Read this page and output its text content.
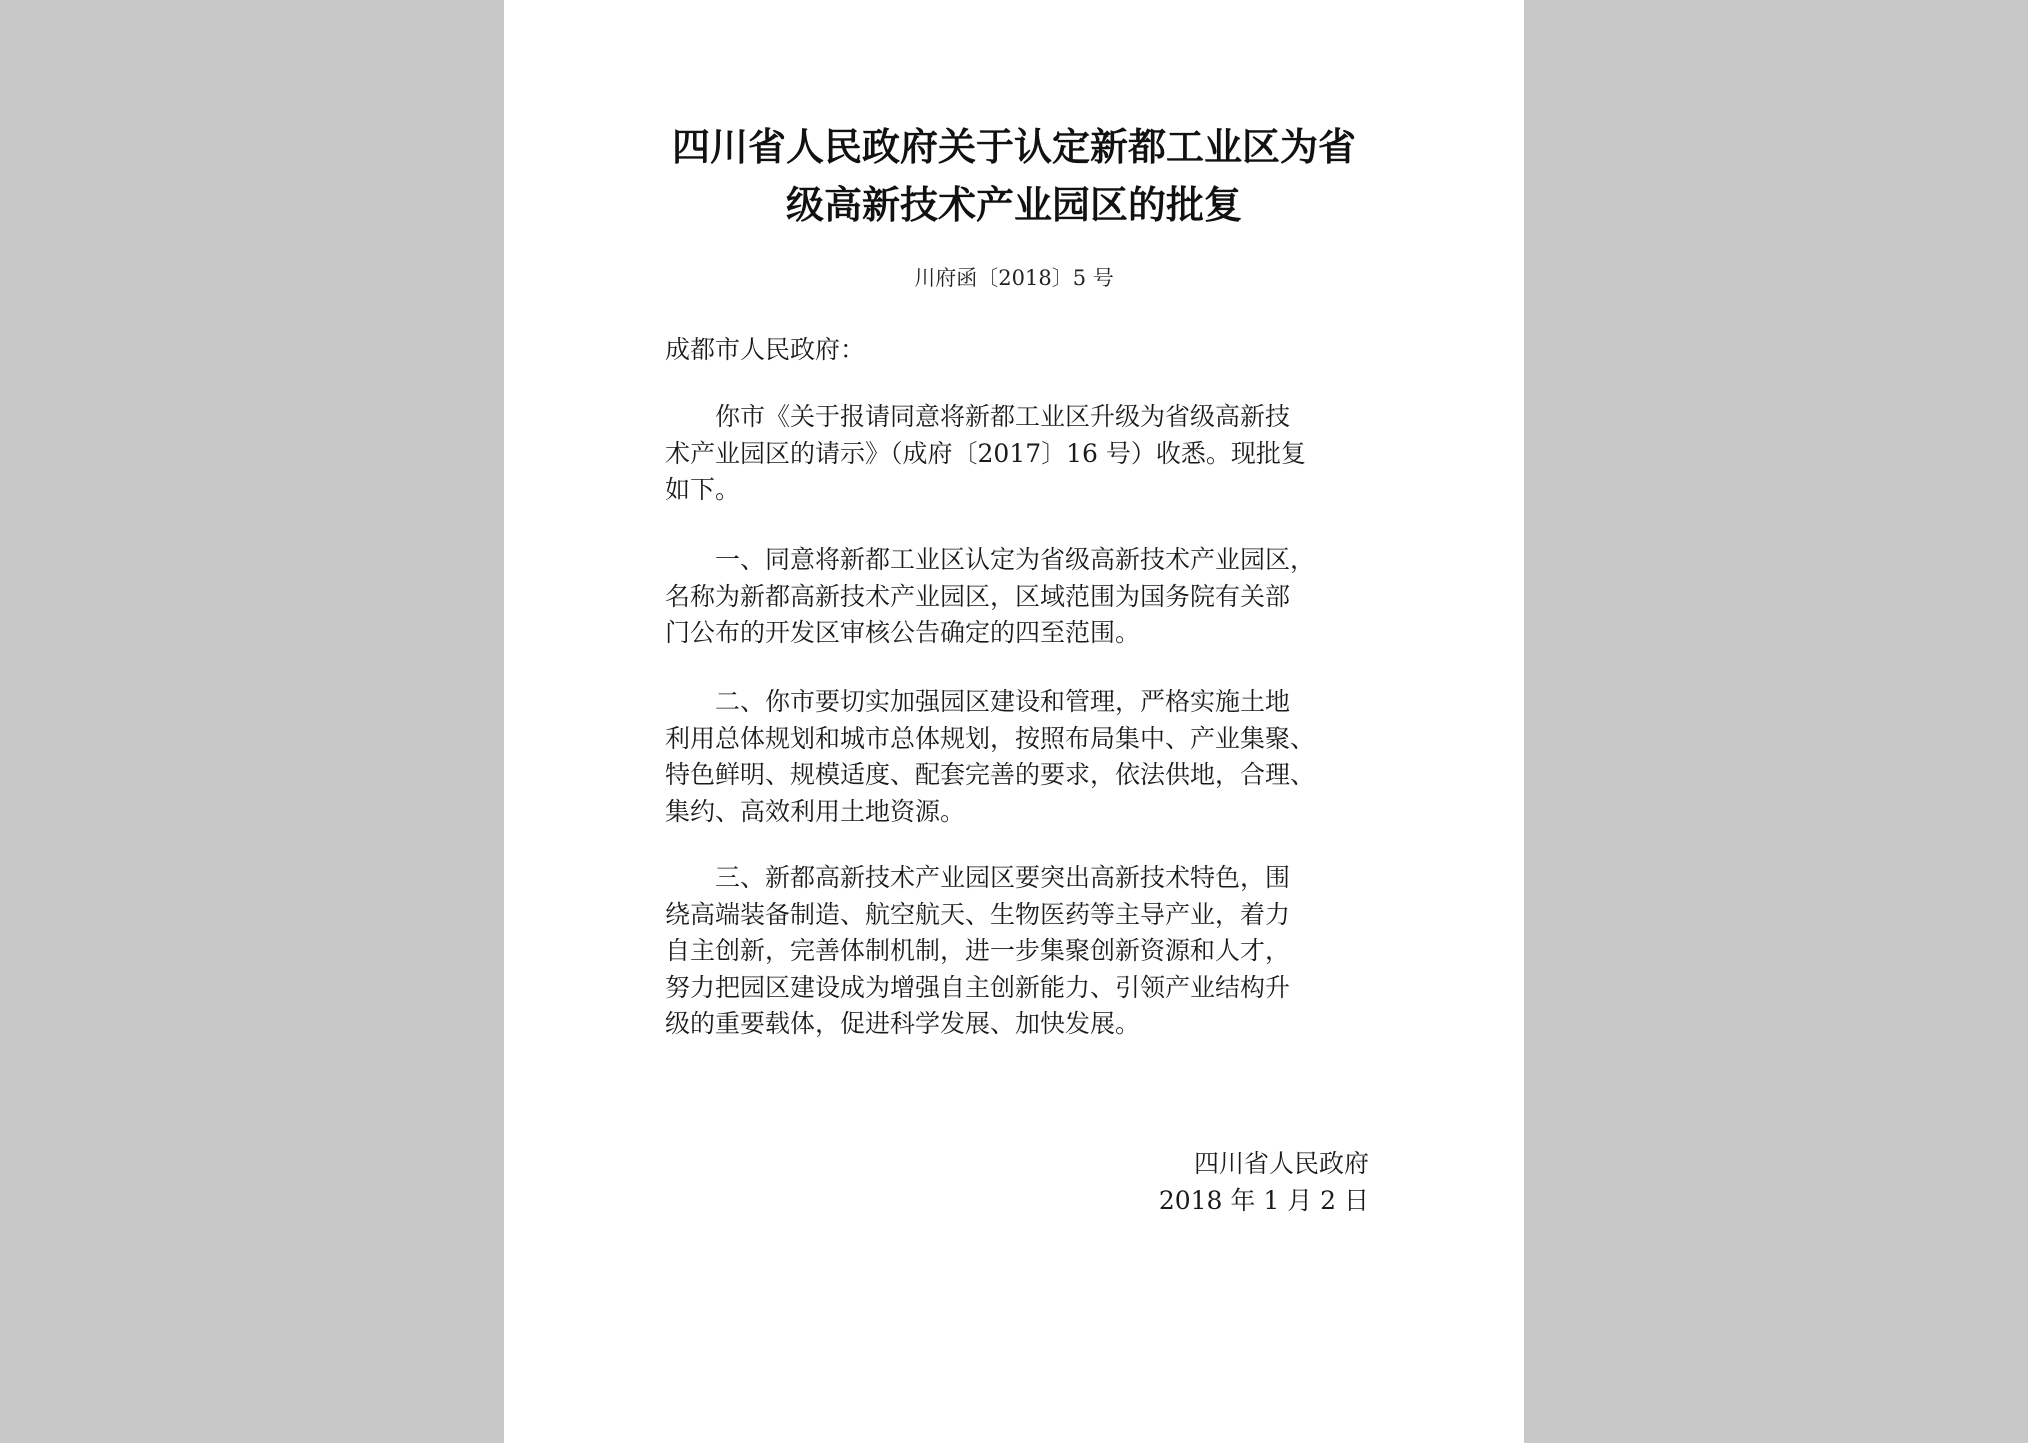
四川省人民政府关于认定新都工业区为省
级高新技术产业园区的批复
川府函〔2018〕5 号
成都市人民政府：
　　你市《关于报请同意将新都工业区升级为省级高新技
术产业园区的请示》（成府〔2017〕16 号）收悉。现批复
如下。
　　一、同意将新都工业区认定为省级高新技术产业园区，
名称为新都高新技术产业园区，区域范围为国务院有关部
门公布的开发区审核公告确定的四至范围。
　　二、你市要切实加强园区建设和管理，严格实施土地
利用总体规划和城市总体规划，按照布局集中、产业集聚、
特色鲜明、规模适度、配套完善的要求，依法供地，合理、
集约、高效利用土地资源。
　　三、新都高新技术产业园区要突出高新技术特色，围
绕高端装备制造、航空航天、生物医药等主导产业，着力
自主创新，完善体制机制，进一步集聚创新资源和人才，
努力把园区建设成为增强自主创新能力、引领产业结构升
级的重要载体，促进科学发展、加快发展。
四川省人民政府
2018 年 1 月 2 日
